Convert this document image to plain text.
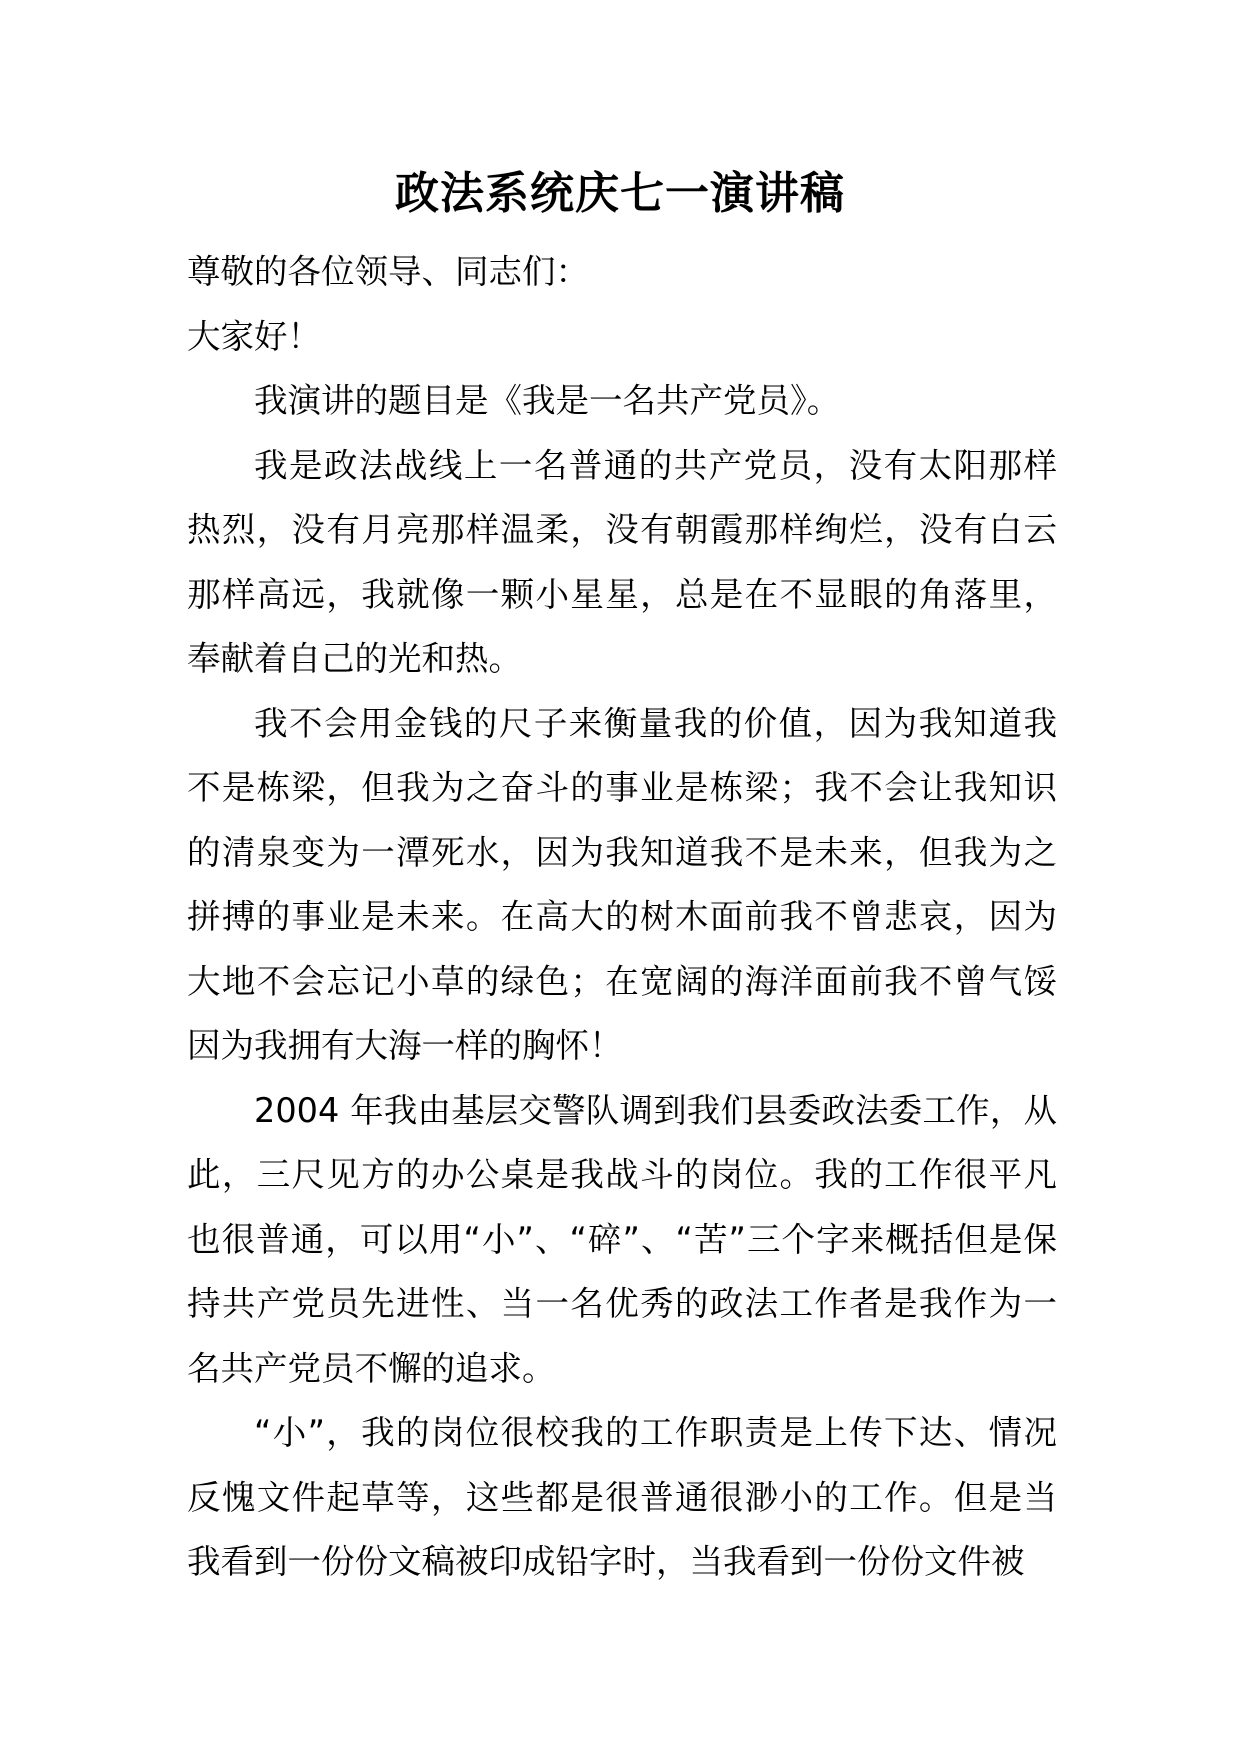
政法系统庆七一演讲稿

尊敬的各位领导、同志们：

大家好！

我演讲的题目是《我是一名共产党员》。

我是政法战线上一名普通的共产党员，没有太阳那样热烈，没有月亮那样温柔，没有朝霞那样绚烂，没有白云那样高远，我就像一颗小星星，总是在不显眼的角落里，奉献着自己的光和热。

我不会用金钱的尺子来衡量我的价值，因为我知道我不是栋梁，但我为之奋斗的事业是栋梁；我不会让我知识的清泉变为一潭死水，因为我知道我不是未来，但我为之拼搏的事业是未来。在高大的树木面前我不曾悲哀，因为大地不会忘记小草的绿色；在宽阔的海洋面前我不曾气馁因为我拥有大海一样的胸怀！

2004 年我由基层交警队调到我们县委政法委工作，从此，三尺见方的办公桌是我战斗的岗位。我的工作很平凡也很普通，可以用“小”、“碎”、“苦”三个字来概括但是保持共产党员先进性、当一名优秀的政法工作者是我作为一名共产党员不懈的追求。

“小”，我的岗位很校我的工作职责是上传下达、情况反愧文件起草等，这些都是很普通很渺小的工作。但是当我看到一份份文稿被印成铅字时，当我看到一份份文件被
